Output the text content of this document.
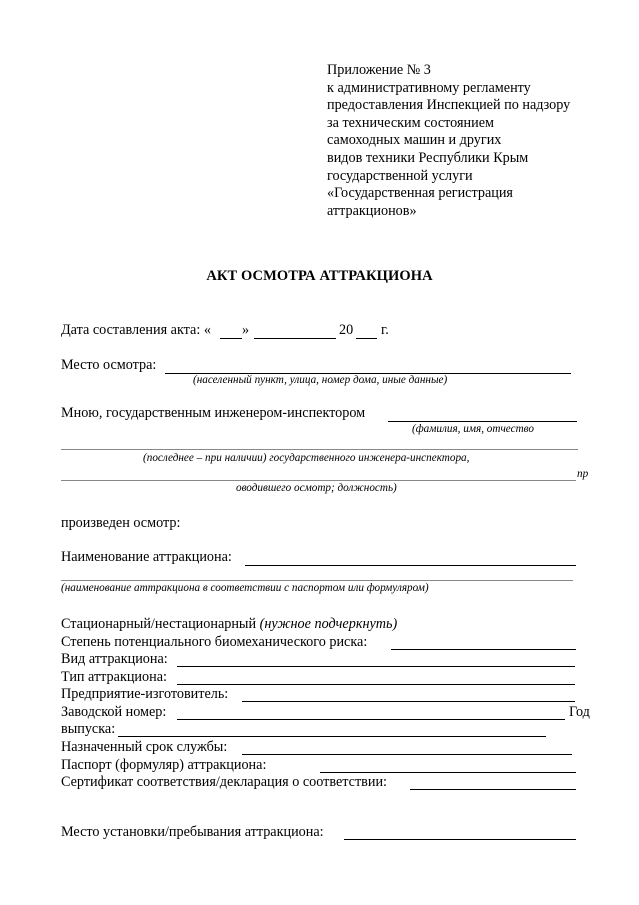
Приложение № 3
к административному регламенту
предоставления Инспекцией по надзору
за техническим состоянием
самоходных машин и других
видов техники Республики Крым
государственной услуги
«Государственная регистрация
аттракционов»
АКТ ОСМОТРА АТТРАКЦИОНА
Дата составления акта: « »	20 г.
Место осмотра:
(населенный пункт, улица, номер дома, иные данные)
Мною, государственным инженером-инспектором
(фамилия, имя, отчество
(последнее – при наличии) государственного инженера-инспектора,
пр
оводившего осмотр; должность)
произведен осмотр:
Наименование аттракциона:
(наименование аттракциона в соответствии с паспортом или формуляром)
Стационарный/нестационарный (нужное подчеркнуть)
Степень потенциального биомеханического риска:
Вид аттракциона:
Тип аттракциона:
Предприятие-изготовитель:
Заводской номер:	Год
выпуска:
Назначенный срок службы:
Паспорт (формуляр) аттракциона:
Сертификат соответствия/декларация о соответствии:
Место установки/пребывания аттракциона:
